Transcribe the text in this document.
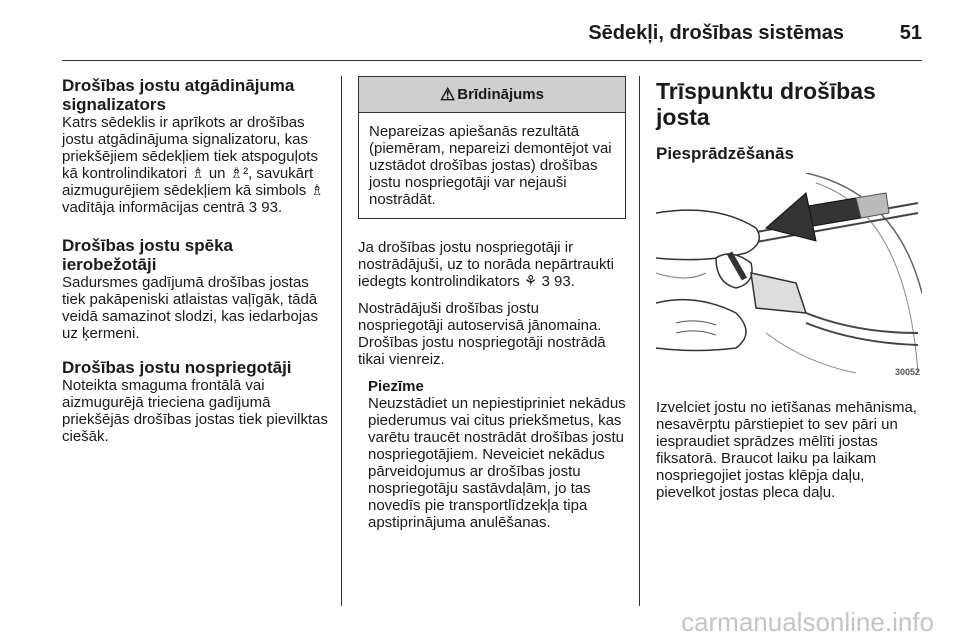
Sēdekļi, drošības sistēmas	51
Drošības jostu atgādinājuma signalizators
Katrs sēdeklis ir aprīkots ar drošības jostu atgādinājuma signalizatoru, kas priekšējiem sēdekļiem tiek atspoguļots kā kontrolindikatori ♗ un ♗², savukārt aizmugurējiem sēdekļiem kā simbols ♗ vadītāja informācijas centrā 3 93.
Drošības jostu spēka ierobežotāji
Sadursmes gadījumā drošības jostas tiek pakāpeniski atlaistas vaļīgāk, tādā veidā samazinot slodzi, kas iedarbojas uz ķermeni.
Drošības jostu nospriegotāji
Noteikta smaguma frontālā vai aizmugurējā trieciena gadījumā priekšējās drošības jostas tiek pievilktas ciešāk.
⚠ Brīdinājums
Nepareizas apiešanās rezultātā (piemēram, nepareizi demontējot vai uzstādot drošības jostas) drošības jostu nospriegotāji var nejauši nostrādāt.
Ja drošības jostu nospriegotāji ir nostrādājuši, uz to norāda nepārtraukti iedegts kontrolindikators ⚘ 3 93.
Nostrādājuši drošības jostu nospriegotāji autoservisā jānomaina. Drošības jostu nospriegotāji nostrādā tikai vienreiz.
Piezīme
Neuzstādiet un nepiestipriniet nekādus piederumus vai citus priekšmetus, kas varētu traucēt nostrādāt drošības jostu nospriegotājiem. Neveiciet nekādus pārveidojumus ar drošības jostu nospriegotāju sastāvdaļām, jo tas novedīs pie transportlīdzekļa tipa apstiprinājuma anulēšanas.
Trīspunktu drošības josta
Piesprādzēšanās
30052
Izvelciet jostu no ietīšanas mehānisma, nesavērptu pārstiepiet to sev pāri un iespraudiet sprādzes mēlīti jostas fiksatorā. Braucot laiku pa laikam nospriegojiet jostas klēpja daļu, pievelkot jostas pleca daļu.
carmanualsonline.info
